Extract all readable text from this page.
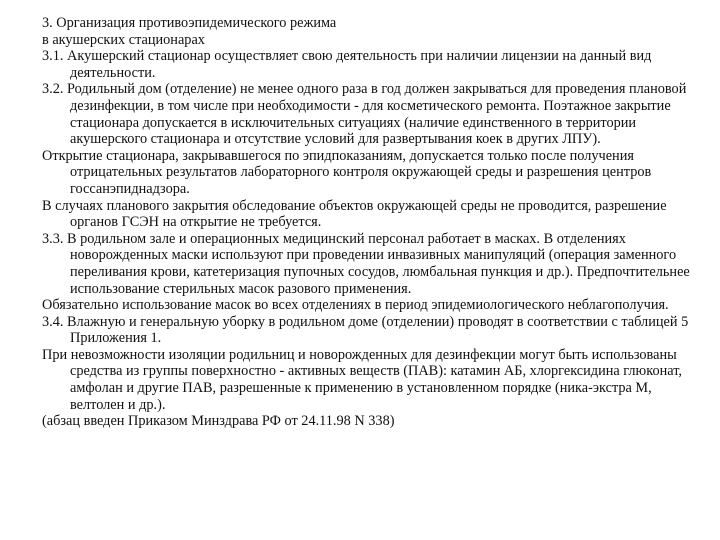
3. Организация противоэпидемического режима

в акушерских стационарах

3.1. Акушерский стационар осуществляет свою деятельность при наличии лицензии на данный вид деятельности.

3.2. Родильный дом (отделение) не менее одного раза в год должен закрываться для проведения плановой дезинфекции, в том числе при необходимости - для косметического ремонта. Поэтажное закрытие стационара допускается в исключительных ситуациях (наличие единственного в территории акушерского стационара и отсутствие условий для развертывания коек в других ЛПУ).

Открытие стационара, закрывавшегося по эпидпоказаниям, допускается только после получения отрицательных результатов лабораторного контроля окружающей среды и разрешения центров госсанэпиднадзора.

В случаях планового закрытия обследование объектов окружающей среды не проводится, разрешение органов ГСЭН на открытие не требуется.

3.3. В родильном зале и операционных медицинский персонал работает в масках. В отделениях новорожденных маски используют при проведении инвазивных манипуляций (операция заменного переливания крови, катетеризация пупочных сосудов, люмбальная пункция и др.). Предпочтительнее использование стерильных масок разового применения.

Обязательно использование масок во всех отделениях в период эпидемиологического неблагополучия.

3.4. Влажную и генеральную уборку в родильном доме (отделении) проводят в соответствии с таблицей 5 Приложения 1.

При невозможности изоляции родильниц и новорожденных для дезинфекции могут быть использованы средства из группы поверхностно - активных веществ (ПАВ): катамин АБ, хлоргексидина глюконат, амфолан и другие ПАВ, разрешенные к применению в установленном порядке (ника-экстра М, велтолен и др.).

(абзац введен Приказом Минздрава РФ от 24.11.98 N 338)
